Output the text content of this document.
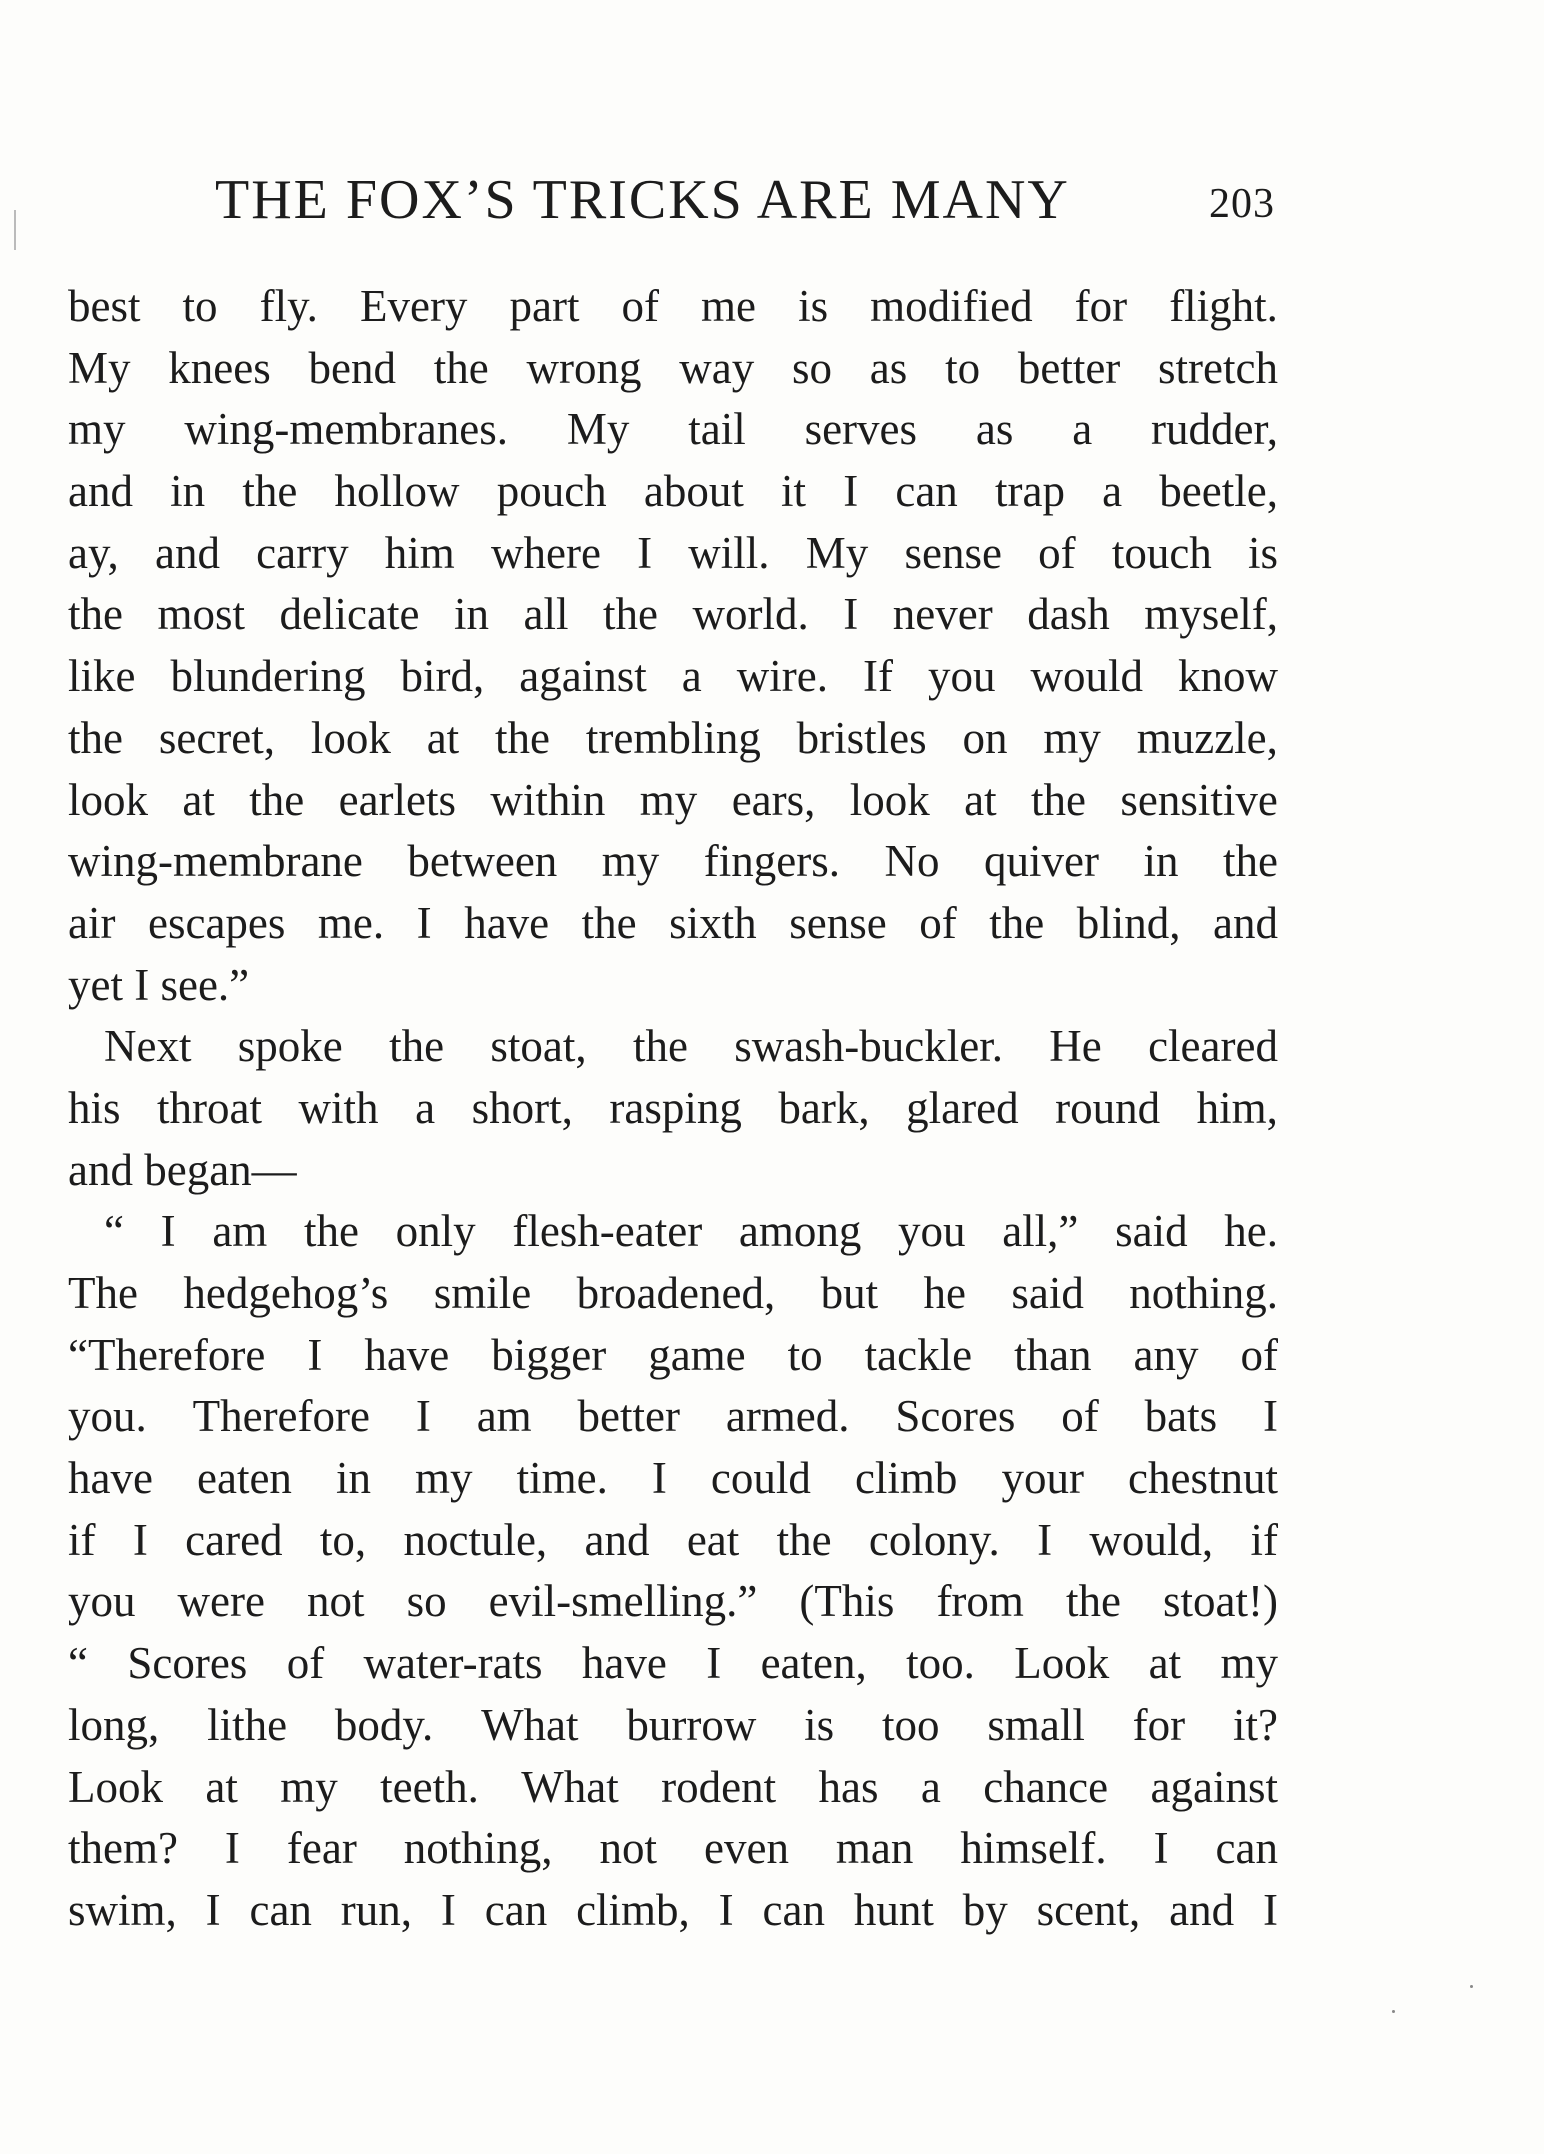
THE FOX’S TRICKS ARE MANY	203
best to fly. Every part of me is modified for flight.
My knees bend the wrong way so as to better stretch
my wing-membranes. My tail serves as a rudder,
and in the hollow pouch about it I can trap a beetle,
ay, and carry him where I will. My sense of touch is
the most delicate in all the world. I never dash myself,
like blundering bird, against a wire. If you would know
the secret, look at the trembling bristles on my muzzle,
look at the earlets within my ears, look at the sensitive
wing-membrane between my fingers. No quiver in the
air escapes me. I have the sixth sense of the blind, and
yet I see.”
Next spoke the stoat, the swash-buckler. He cleared
his throat with a short, rasping bark, glared round him,
and began—
“ I am the only flesh-eater among you all,” said he.
The hedgehog’s smile broadened, but he said nothing.
“Therefore I have bigger game to tackle than any of
you. Therefore I am better armed. Scores of bats I
have eaten in my time. I could climb your chestnut
if I cared to, noctule, and eat the colony. I would, if
you were not so evil-smelling.” (This from the stoat!)
“ Scores of water-rats have I eaten, too. Look at my
long, lithe body. What burrow is too small for it?
Look at my teeth. What rodent has a chance against
them? I fear nothing, not even man himself. I can
swim, I can run, I can climb, I can hunt by scent, and I
